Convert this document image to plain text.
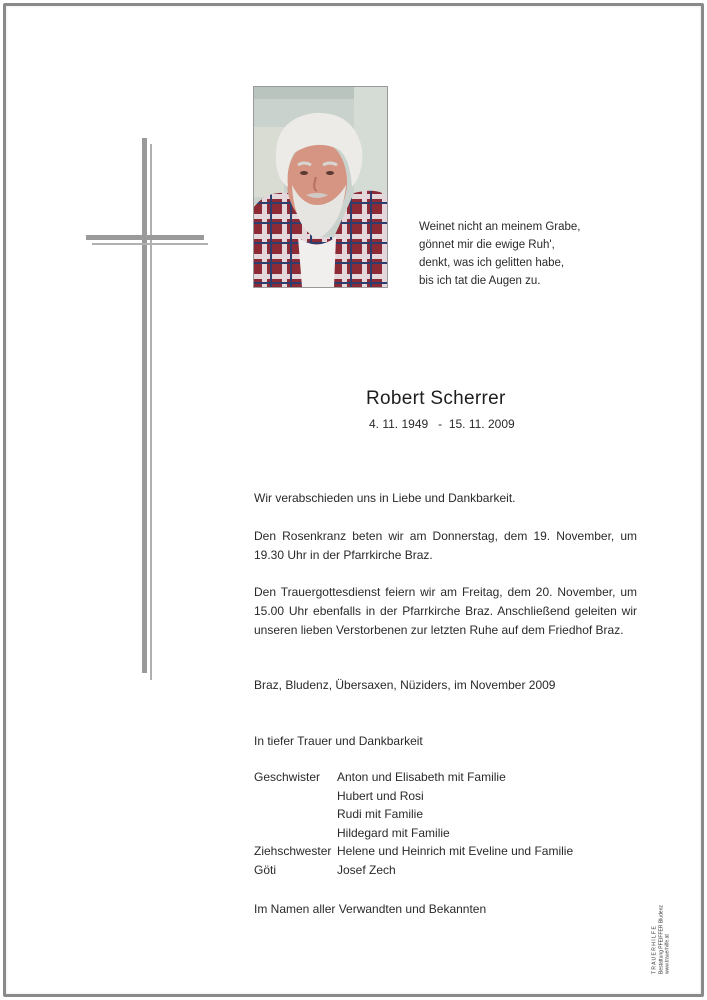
Weinet nicht an meinem Grabe,
gönnet mir die ewige Ruh',
denkt, was ich gelitten habe,
bis ich tat die Augen zu.
Robert Scherrer
4. 11. 1949   -  15. 11. 2009
Wir verabschieden uns in Liebe und Dankbarkeit.
Den Rosenkranz beten wir am Donnerstag, dem 19. November, um 19.30 Uhr in der Pfarrkirche Braz.
Den Trauergottesdienst feiern wir am Freitag, dem 20. November, um 15.00 Uhr ebenfalls in der Pfarrkirche Braz. Anschließend geleiten wir unseren lieben Verstorbenen zur letzten Ruhe auf dem Friedhof Braz.
Braz, Bludenz, Übersaxen, Nüziders, im November 2009
In tiefer Trauer und Dankbarkeit
Geschwister	Anton und Elisabeth mit Familie
Hubert und Rosi
Rudi mit Familie
Hildegard mit Familie
Ziehschwester Helene und Heinrich mit Eveline und Familie
Göti	Josef Zech
Im Namen aller Verwandten und Bekannten
T R A U E R H I L F E Bestattung PFEIFFER Bludenz www.trauerhilfe.at
